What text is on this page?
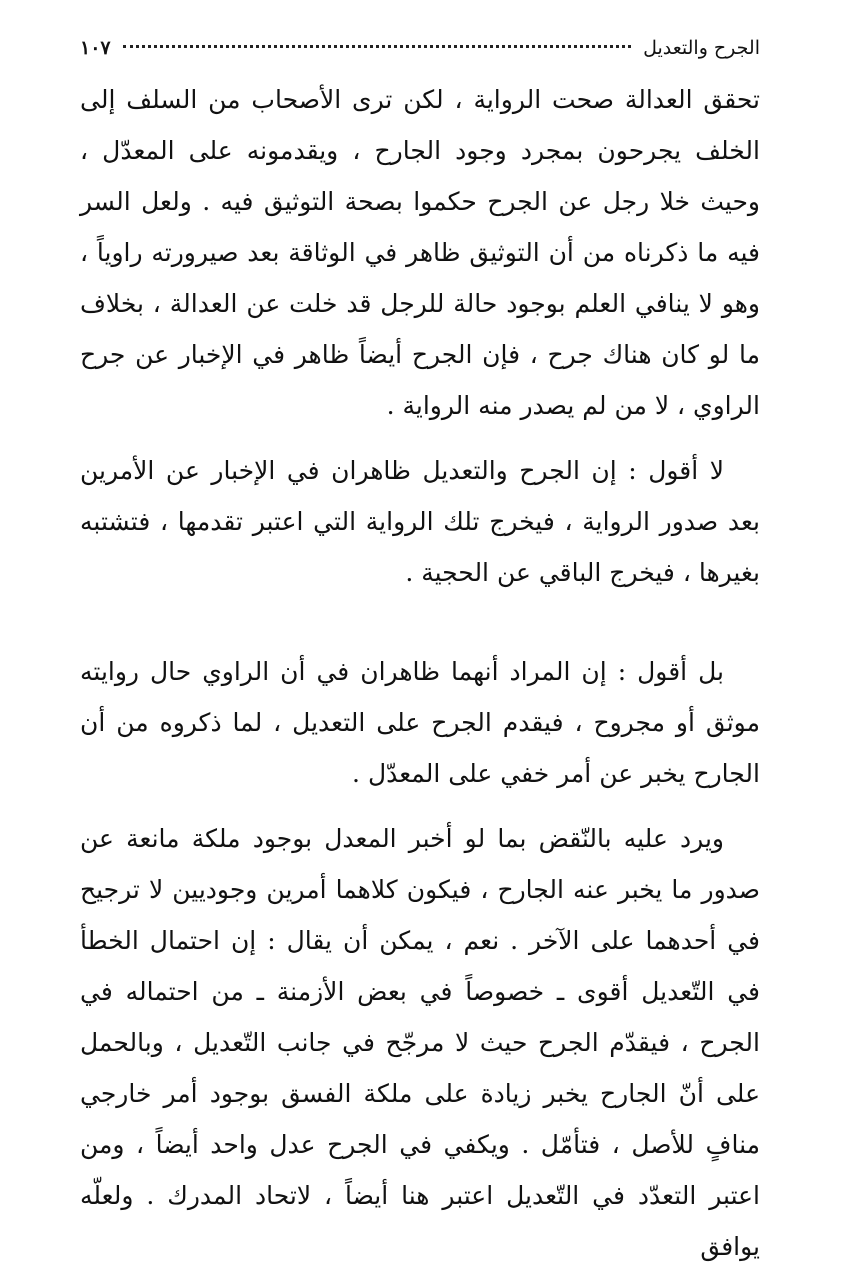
الجرح والتعديل
١٠٧

تحقق العدالة صحت الرواية ، لكن ترى الأصحاب من السلف إلى الخلف يجرحون بمجرد وجود الجارح ، ويقدمونه على المعدّل ، وحيث خلا رجل عن الجرح حكموا بصحة التوثيق فيه . ولعل السر فيه ما ذكرناه من أن التوثيق ظاهر في الوثاقة بعد صيرورته راوياً ، وهو لا ينافي العلم بوجود حالة للرجل قد خلت عن العدالة ، بخلاف ما لو كان هناك جرح ، فإن الجرح أيضاً ظاهر في الإخبار عن جرح الراوي ، لا من لم يصدر منه الرواية .

لا أقول : إن الجرح والتعديل ظاهران في الإخبار عن الأمرين بعد صدور الرواية ، فيخرج تلك الرواية التي اعتبر تقدمها ، فتشتبه بغيرها ، فيخرج الباقي عن الحجية .

بل أقول : إن المراد أنهما ظاهران في أن الراوي حال روايته موثق أو مجروح ، فيقدم الجرح على التعديل ، لما ذكروه من أن الجارح يخبر عن أمر خفي على المعدّل .

ويرد عليه بالنّقض بما لو أخبر المعدل بوجود ملكة مانعة عن صدور ما يخبر عنه الجارح ، فيكون كلاهما أمرين وجوديين لا ترجيح في أحدهما على الآخر . نعم ، يمكن أن يقال : إن احتمال الخطأ في التّعديل أقوى ـ خصوصاً في بعض الأزمنة ـ من احتماله في الجرح ، فيقدّم الجرح حيث لا مرجّح في جانب التّعديل ، وبالحمل على أنّ الجارح يخبر زيادة على ملكة الفسق بوجود أمر خارجي منافٍ للأصل ، فتأمّل . ويكفي في الجرح عدل واحد أيضاً ، ومن اعتبر التعدّد في التّعديل اعتبر هنا أيضاً ، لاتحاد المدرك . ولعلّه يوافق
